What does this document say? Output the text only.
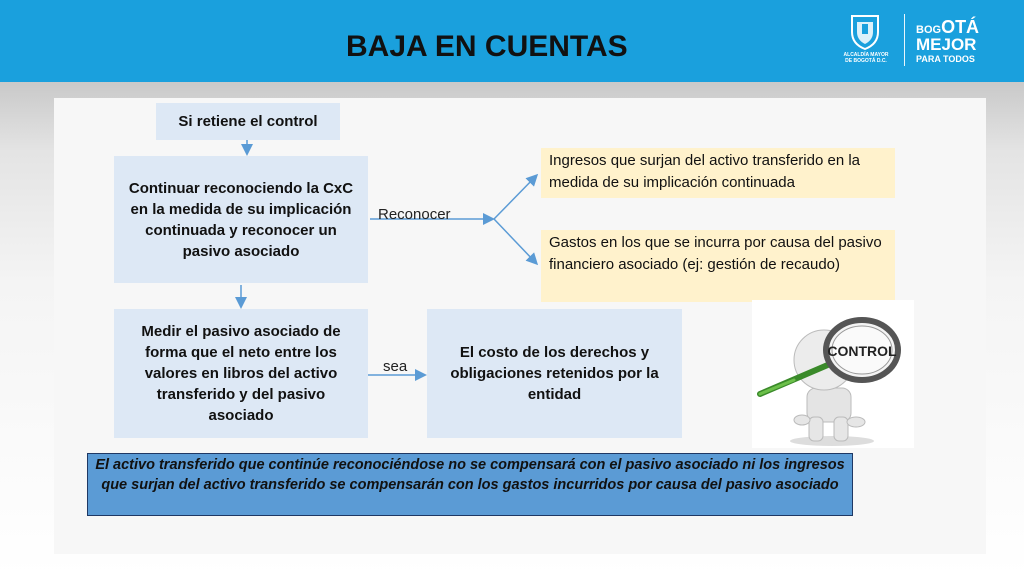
BAJA EN CUENTAS	ALCALDÍA MAYOR
DE BOGOTÁ D.C.
BOGOTÁ
MEJOR
PARA TODOS
Si retiene el control
Continuar reconociendo la CxC en la medida de su implicación continuada y reconocer un pasivo asociado
Reconocer
Ingresos que surjan del activo transferido en la medida de su implicación continuada
Gastos en los que se incurra por causa del pasivo financiero asociado (ej: gestión de recaudo)
Medir el pasivo asociado de forma que el neto entre los valores en libros del activo transferido y del pasivo asociado
sea
El costo de los derechos y obligaciones retenidos por la entidad
CONTROL
El activo transferido que continúe reconociéndose no se compensará con el pasivo asociado ni los ingresos que surjan del activo transferido se compensarán con los gastos incurridos por causa del pasivo asociado
